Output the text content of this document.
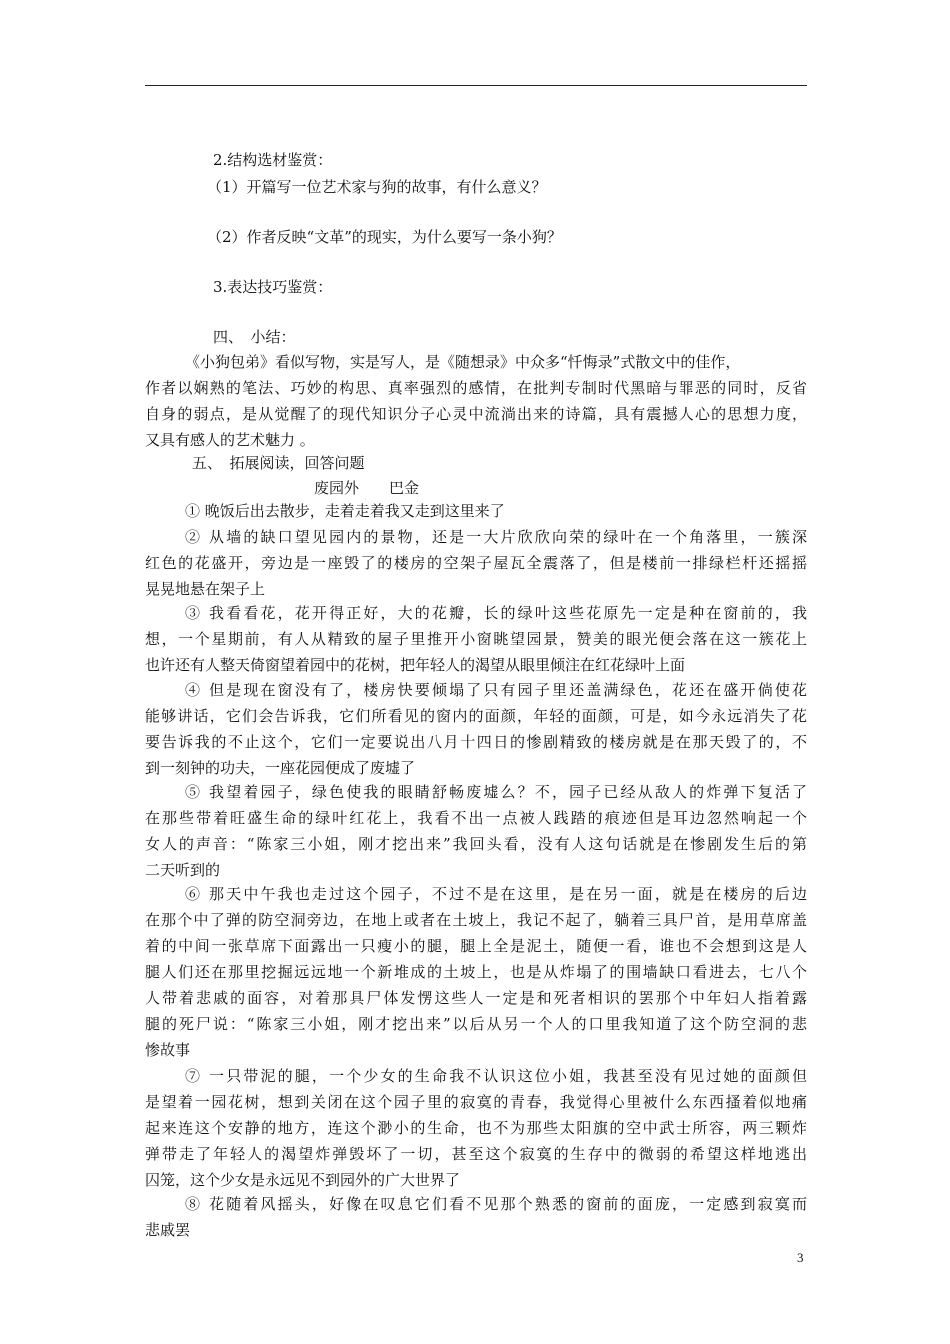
2.结构选材鉴赏：
（1）开篇写一位艺术家与狗的故事，有什么意义？
（2）作者反映“文革”的现实，为什么要写一条小狗？
3.表达技巧鉴赏：
四、　小结：
《小狗包弟》看似写物，实是写人，是《随想录》中众多“忏悔录”式散文中的佳作，
作者以娴熟的笔法、巧妙的构思、真率强烈的感情，在批判专制时代黑暗与罪恶的同时，反省
自身的弱点，是从觉醒了的现代知识分子心灵中流淌出来的诗篇，具有震撼人心的思想力度，
又具有感人的艺术魅力 。
五、　拓展阅读，回答问题
废园外　　巴金
① 晚饭后出去散步，走着走着我又走到这里来了
② 从墙的缺口望见园内的景物，还是一大片欣欣向荣的绿叶在一个角落里，一簇深
红色的花盛开，旁边是一座毁了的楼房的空架子屋瓦全震落了，但是楼前一排绿栏杆还摇摇
晃晃地悬在架子上
③ 我看看花，花开得正好，大的花瓣，长的绿叶这些花原先一定是种在窗前的，我
想，一个星期前，有人从精致的屋子里推开小窗眺望园景，赞美的眼光便会落在这一簇花上
也许还有人整天倚窗望着园中的花树，把年轻人的渴望从眼里倾注在红花绿叶上面
④ 但是现在窗没有了，楼房快要倾塌了只有园子里还盖满绿色，花还在盛开倘使花
能够讲话，它们会告诉我，它们所看见的窗内的面颜，年轻的面颜，可是，如今永远消失了花
要告诉我的不止这个，它们一定要说出八月十四日的惨剧精致的楼房就是在那天毁了的，不
到一刻钟的功夫，一座花园便成了废墟了
⑤ 我望着园子，绿色使我的眼睛舒畅废墟么？不，园子已经从敌人的炸弹下复活了
在那些带着旺盛生命的绿叶红花上，我看不出一点被人践踏的痕迹但是耳边忽然响起一个
女人的声音：“陈家三小姐，刚才挖出来”我回头看，没有人这句话就是在惨剧发生后的第
二天听到的
⑥ 那天中午我也走过这个园子，不过不是在这里，是在另一面，就是在楼房的后边
在那个中了弹的防空洞旁边，在地上或者在土坡上，我记不起了，躺着三具尸首，是用草席盖
着的中间一张草席下面露出一只瘦小的腿，腿上全是泥土，随便一看，谁也不会想到这是人
腿人们还在那里挖掘远远地一个新堆成的土坡上，也是从炸塌了的围墙缺口看进去，七八个
人带着悲戚的面容，对着那具尸体发愣这些人一定是和死者相识的罢那个中年妇人指着露
腿的死尸说：“陈家三小姐，刚才挖出来”以后从另一个人的口里我知道了这个防空洞的悲
惨故事
⑦ 一只带泥的腿，一个少女的生命我不认识这位小姐，我甚至没有见过她的面颜但
是望着一园花树，想到关闭在这个园子里的寂寞的青春，我觉得心里被什么东西搔着似地痛
起来连这个安静的地方，连这个渺小的生命，也不为那些太阳旗的空中武士所容，两三颗炸
弹带走了年轻人的渴望炸弹毁坏了一切，甚至这个寂寞的生存中的微弱的希望这样地逃出
囚笼，这个少女是永远见不到园外的广大世界了
⑧ 花随着风摇头，好像在叹息它们看不见那个熟悉的窗前的面庞，一定感到寂寞而
悲戚罢
3
